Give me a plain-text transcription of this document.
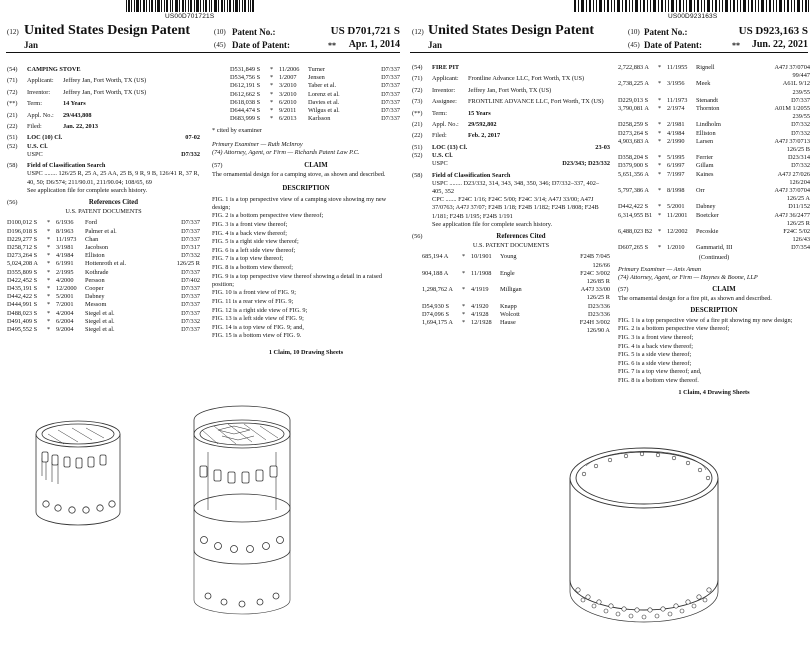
US00D701721S
(12) United States Design Patent
Jan
(10) Patent No.:	US D701,721 S
(45) Date of Patent:	** Apr. 1, 2014
(54)	CAMPING STOVE
(71)	Applicant:	Jeffrey Jan, Fort Worth, TX (US)
(72)	Inventor:	Jeffrey Jan, Fort Worth, TX (US)
(**)	Term:	14 Years
(21)	Appl. No.:	29/443,808
(22)	Filed:	Jan. 22, 2013
(51)	LOC (10) Cl.	07-02
(52)	U.S. Cl.
USPC	D7/332
(58)	Field of Classification Search
USPC ........ 126/25 R, 25 A, 25 AA, 25 B, 9 R, 9 B, 126/41 R, 37 R, 40, 50; D6/574; 211/90.01, 211/90.04; 108/65, 69
See application file for complete search history.
(56)	References Cited
U.S. PATENT DOCUMENTS
D100,012 S	* 6/1936	Ford	D7/337
D196,018 S	* 8/1963	Palmer et al.	D7/337
D229,277 S	* 11/1973	Chan	D7/337
D258,712 S	* 3/1981	Jacobson	D7/317
D273,264 S	* 4/1984	Elliston	D7/332
5,024,208 A	* 6/1991	Hottenroth et al.	126/25 R
D355,809 S	* 2/1995	Kothrade	D7/337
D422,452 S	* 4/2000	Persson	D7/402
D435,191 S	* 12/2000	Cooper	D7/337
D442,422 S	* 5/2001	Dabney	D7/337
D444,991 S	* 7/2001	Messom	D7/337
D488,023 S	* 4/2004	Siegel et al.	D7/337
D491,409 S	* 6/2004	Siegel et al.	D7/332
D495,552 S	* 9/2004	Siegel et al.	D7/337
D531,849 S	* 11/2006	Turner	D7/337
D534,756 S	* 1/2007	Jensen	D7/337
D612,191 S	* 3/2010	Taber et al.	D7/337
D612,662 S	* 3/2010	Lorenz et al.	D7/337
D618,038 S	* 6/2010	Davies et al.	D7/337
D644,474 S	* 9/2011	Wilgus et al.	D7/337
D683,999 S	* 6/2013	Karlsson	D7/337
* cited by examiner
Primary Examiner — Ruth McInroy
(74) Attorney, Agent, or Firm — Richards Patent Law P.C.
(57)	CLAIM
The ornamental design for a camping stove, as shown and described.
DESCRIPTION
FIG. 1 is a top perspective view of a camping stove showing my new design;
FIG. 2 is a bottom perspective view thereof;
FIG. 3 is a front view thereof;
FIG. 4 is a back view thereof;
FIG. 5 is a right side view thereof;
FIG. 6 is a left side view thereof;
FIG. 7 is a top view thereof;
FIG. 8 is a bottom view thereof;
FIG. 9 is a top perspective view thereof showing a detail in a raised position;
FIG. 10 is a front view of FIG. 9;
FIG. 11 is a rear view of FIG. 9;
FIG. 12 is a right side view of FIG. 9;
FIG. 13 is a left side view of FIG. 9;
FIG. 14 is a top view of FIG. 9; and,
FIG. 15 is a bottom view of FIG. 9.
1 Claim, 10 Drawing Sheets
US00D923163S
(12) United States Design Patent
Jan
(10) Patent No.:	US D923,163 S
(45) Date of Patent:	** Jun. 22, 2021
(54)	FIRE PIT
(71)	Applicant:	Frontline Advance LLC, Fort Worth, TX (US)
(72)	Inventor:	Jeffrey Jan, Fort Worth, TX (US)
(73)	Assignee:	FRONTLINE ADVANCE LLC, Fort Worth, TX (US)
(**)	Term:	15 Years
(21)	Appl. No.:	29/592,802
(22)	Filed:	Feb. 2, 2017
(51)	LOC (13) Cl.	23-03
(52)	U.S. Cl.
USPC	D23/343; D23/332
(58)	Field of Classification Search
USPC ........ D23/332, 314, 343, 348, 350, 346; D7/332–337, 402–405, 352
CPC ....... F24C 1/16; F24C 5/00; F24C 3/14; A47J 33/00; A47J 37/0763; A47J 37/07; F24B 1/18; F24B 1/182; F24B 1/808; F24B 1/181; F24B 1/195; F24B 1/191
See application file for complete search history.
(56)	References Cited
U.S. PATENT DOCUMENTS
685,194 A	* 10/1901	Young	F24B 7/045
126/66
904,188 A	* 11/1908	Engle	F24C 3/002
126/85 R
1,298,762 A	* 4/1919	Milligan	A47J 33/00
126/25 R
D54,930 S	* 4/1920	Knapp	D23/336
D74,096 S	* 4/1928	Wolcott	D23/336
1,694,175 A	* 12/1928	Hause	F24H 3/002
126/90 A
2,722,883 A	* 11/1955	Rignell	A47J 37/0704
99/447
2,738,225 A	* 3/1956	Meek	A61L 9/12
239/55
D229,013 S	* 11/1973	Stenandt	D7/337
3,790,081 A	* 2/1974	Thornton	A01M 1/2055
239/55
D258,259 S	* 2/1981	Lindholm	D7/332
D273,264 S	* 4/1984	Elliston	D7/332
4,903,683 A	* 2/1990	Larsen	A47J 37/0713
126/25 B
D358,204 S	* 5/1995	Ferrier	D23/314
D379,900 S	* 6/1997	Gillam	D7/332
5,651,356 A	* 7/1997	Kaines	A47J 27/026
126/204
5,797,386 A	* 8/1998	Orr	A47J 37/0704
126/25 A
D442,422 S	* 5/2001	Dabney	D11/152
6,314,955 B1 * 11/2001	Boetcker	A47J 36/2477
126/25 R
6,488,023 B2 * 12/2002	Pecoskie	F24C 5/02
126/43
D607,265 S	* 1/2010	Gammarid, III	D7/354
(Continued)
Primary Examiner — Anis Aman
(74) Attorney, Agent, or Firm — Haynes & Boone, LLP
(57)	CLAIM
The ornamental design for a fire pit, as shown and described.
DESCRIPTION
FIG. 1 is a top perspective view of a fire pit showing my new design;
FIG. 2 is a bottom perspective view thereof;
FIG. 3 is a front view thereof;
FIG. 4 is a back view thereof;
FIG. 5 is a side view thereof;
FIG. 6 is a side view thereof;
FIG. 7 is a top view thereof; and,
FIG. 8 is a bottom view thereof.
1 Claim, 4 Drawing Sheets
